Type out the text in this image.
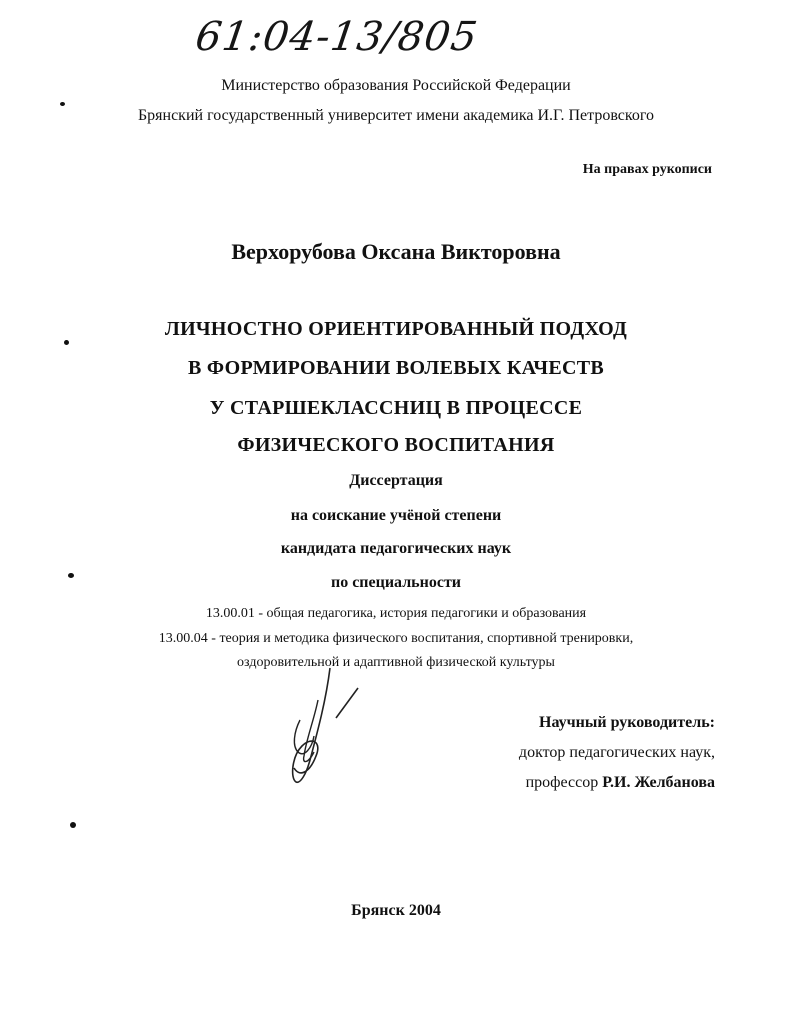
61:04-13/805
Министерство образования Российской Федерации
Брянский государственный университет имени академика И.Г. Петровского
На правах рукописи
Верхорубова Оксана Викторовна
ЛИЧНОСТНО ОРИЕНТИРОВАННЫЙ ПОДХОД
В ФОРМИРОВАНИИ ВОЛЕВЫХ КАЧЕСТВ
У СТАРШЕКЛАССНИЦ В ПРОЦЕССЕ
ФИЗИЧЕСКОГО ВОСПИТАНИЯ
Диссертация
на соискание учёной степени
кандидата педагогических наук
по специальности
13.00.01 - общая педагогика, история педагогики и образования
13.00.04 - теория и методика физического воспитания, спортивной тренировки,
оздоровительной и адаптивной физической культуры
Научный руководитель:
доктор педагогических наук,
профессор Р.И. Желбанова
Брянск 2004
